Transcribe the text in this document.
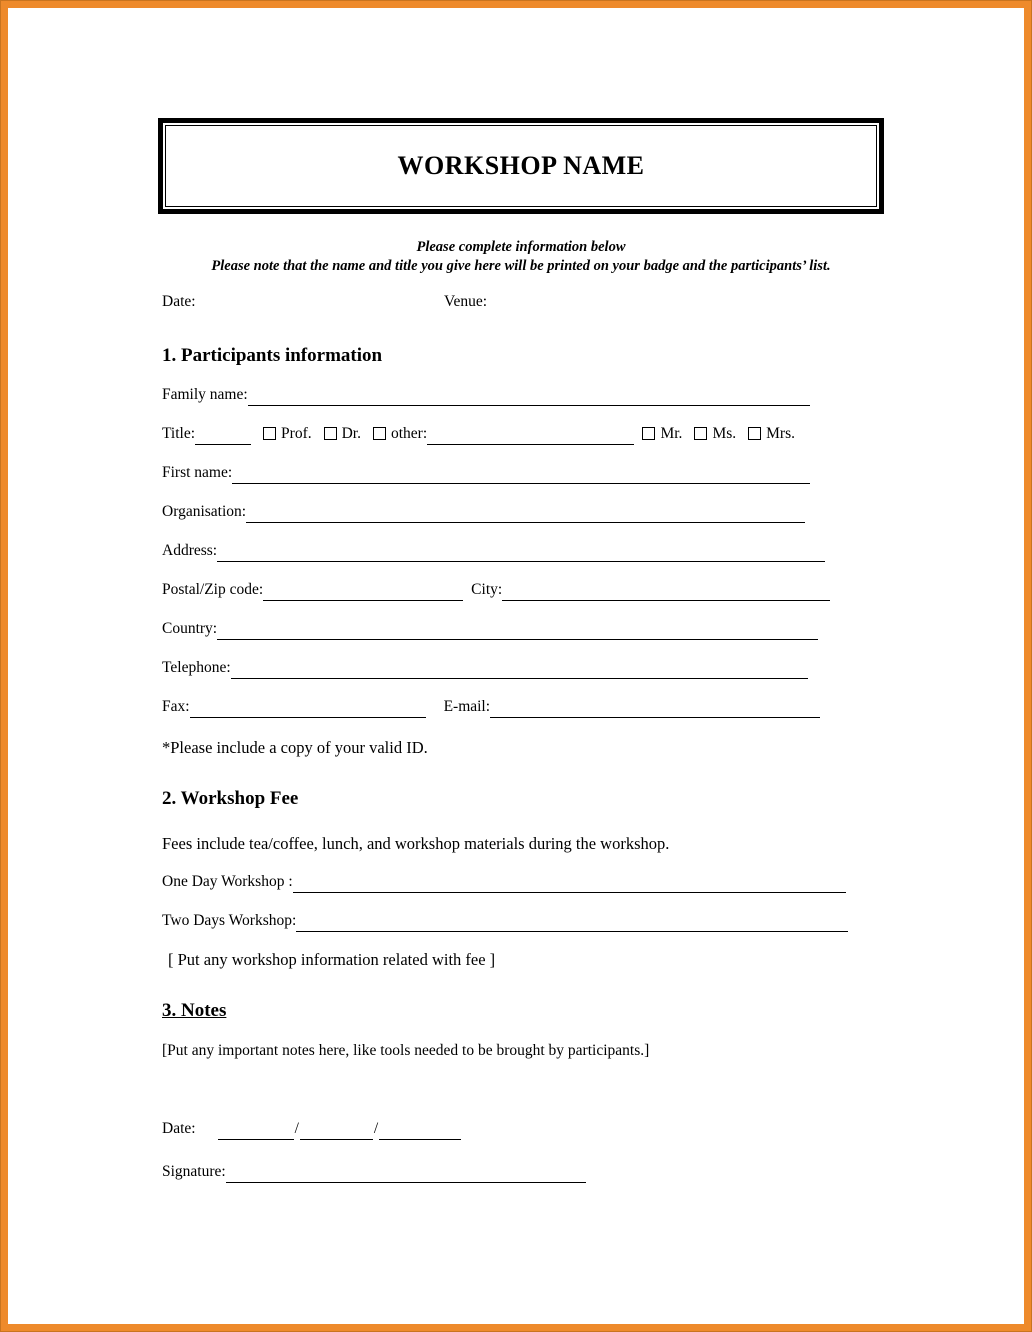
WORKSHOP NAME
Please complete information below
Please note that the name and title you give here will be printed on your badge and the participants’ list.
Date:	Venue:
1. Participants information
Family name:
Title:	Prof. Dr. other:	Mr. Ms. Mrs.
First name:
Organisation:
Address:
Postal/Zip code:	City:
Country:
Telephone:
Fax:	E-mail:
*Please include a copy of your valid ID.
2. Workshop Fee
Fees include tea/coffee, lunch, and workshop materials during the workshop.
One Day Workshop :
Two Days Workshop:
[ Put any workshop information related with fee ]
3. Notes
[Put any important notes here, like tools needed to be brought by participants.]
Date:	/	/
Signature:
